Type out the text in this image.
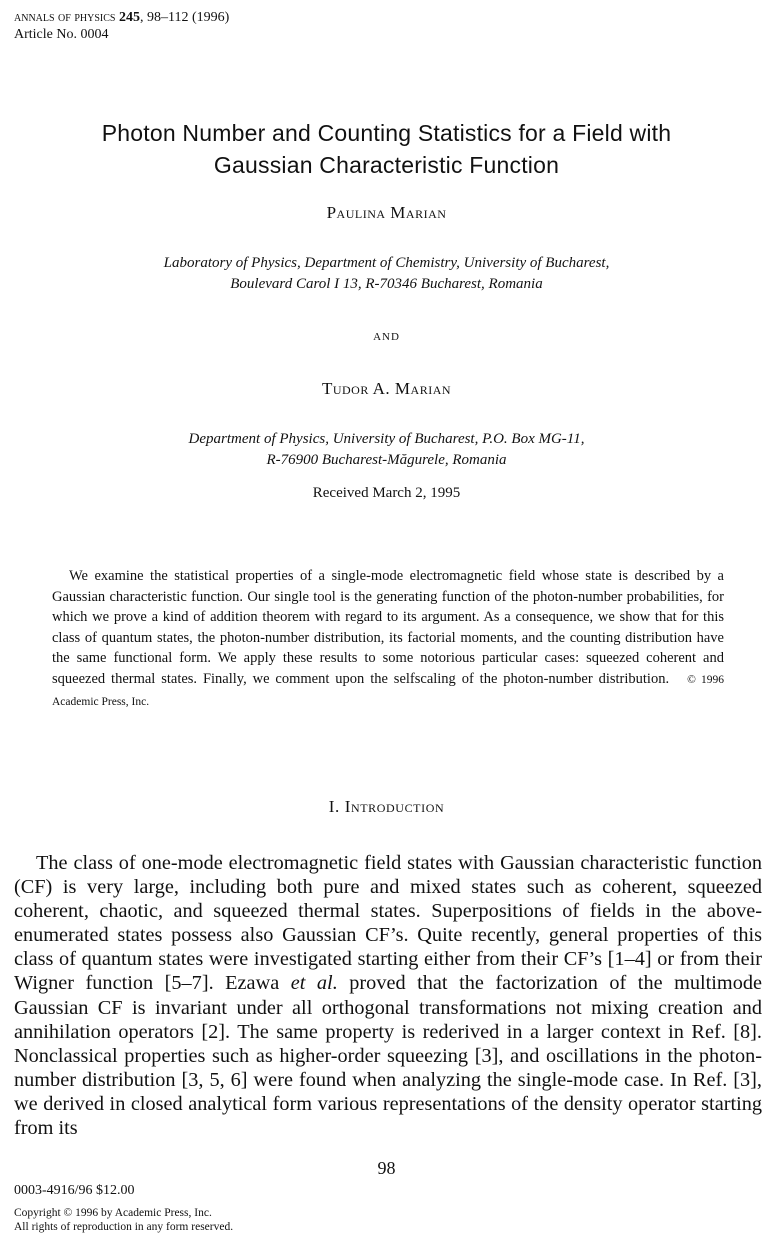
annals of physics 245, 98–112 (1996)
Article No. 0004
Photon Number and Counting Statistics for a Field with
Gaussian Characteristic Function
Paulina Marian
Laboratory of Physics, Department of Chemistry, University of Bucharest,
Boulevard Carol I 13, R-70346 Bucharest, Romania
and
Tudor A. Marian
Department of Physics, University of Bucharest, P.O. Box MG-11,
R-76900 Bucharest-Măgurele, Romania
Received March 2, 1995
We examine the statistical properties of a single-mode electromagnetic field whose state is described by a Gaussian characteristic function. Our single tool is the generating function of the photon-number probabilities, for which we prove a kind of addition theorem with regard to its argument. As a consequence, we show that for this class of quantum states, the photon-number distribution, its factorial moments, and the counting distribution have the same functional form. We apply these results to some notorious particular cases: squeezed coherent and squeezed thermal states. Finally, we comment upon the selfscaling of the photon-number distribution. © 1996 Academic Press, Inc.
I. Introduction
The class of one-mode electromagnetic field states with Gaussian characteristic function (CF) is very large, including both pure and mixed states such as coherent, squeezed coherent, chaotic, and squeezed thermal states. Superpositions of fields in the above-enumerated states possess also Gaussian CF’s. Quite recently, general properties of this class of quantum states were investigated starting either from their CF’s [1–4] or from their Wigner function [5–7]. Ezawa et al. proved that the factorization of the multimode Gaussian CF is invariant under all orthogonal transformations not mixing creation and annihilation operators [2]. The same property is rederived in a larger context in Ref. [8]. Nonclassical properties such as higher-order squeezing [3], and oscillations in the photon-number distribution [3, 5, 6] were found when analyzing the single-mode case. In Ref. [3], we derived in closed analytical form various representations of the density operator starting from its
98
0003-4916/96 $12.00
Copyright © 1996 by Academic Press, Inc.
All rights of reproduction in any form reserved.
